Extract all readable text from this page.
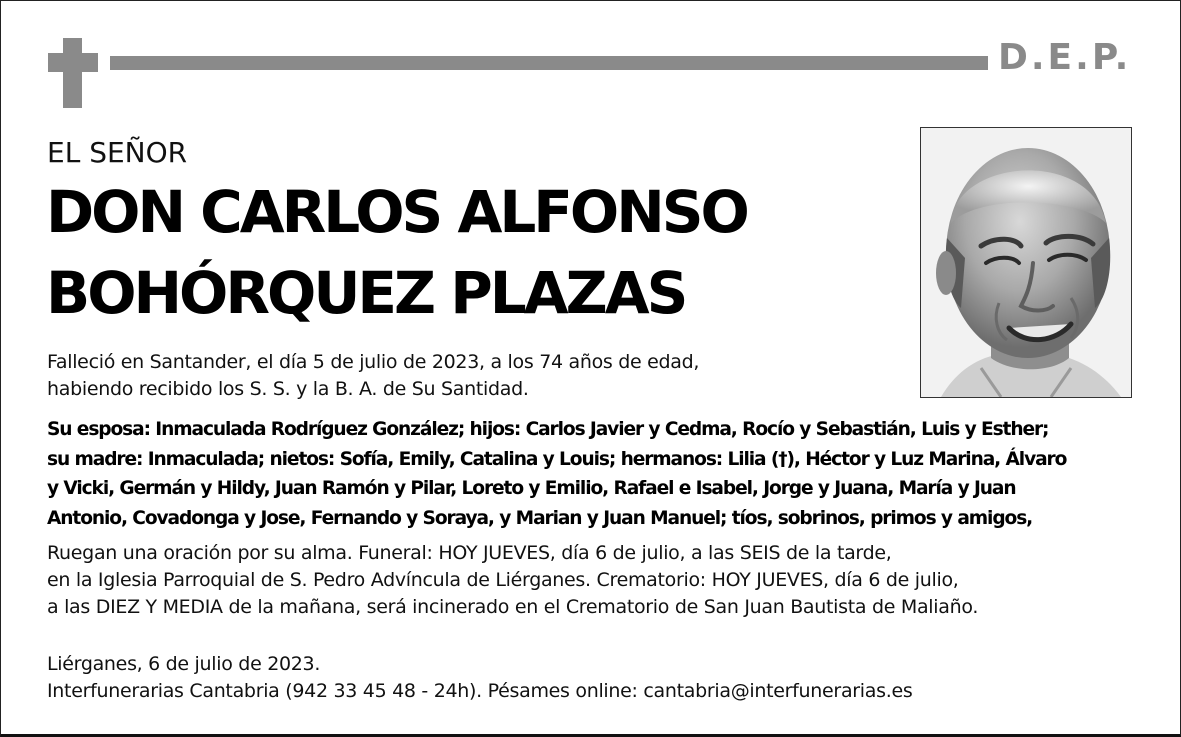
D.E.P.
EL SEÑOR
DON CARLOS ALFONSO
BOHÓRQUEZ PLAZAS
Falleció en Santander, el día 5 de julio de 2023, a los 74 años de edad,
habiendo recibido los S. S. y la B. A. de Su Santidad.
Su esposa: Inmaculada Rodríguez González; hijos: Carlos Javier y Cedma, Rocío y Sebastián, Luis y Esther;
su madre: Inmaculada; nietos: Sofía, Emily, Catalina y Louis; hermanos: Lilia (†), Héctor y Luz Marina, Álvaro
y Vicki, Germán y Hildy, Juan Ramón y Pilar, Loreto y Emilio, Rafael e Isabel, Jorge y Juana, María y Juan
Antonio, Covadonga y Jose, Fernando y Soraya, y Marian y Juan Manuel; tíos, sobrinos, primos y amigos,
Ruegan una oración por su alma. Funeral: HOY JUEVES, día 6 de julio, a las SEIS de la tarde,
en la Iglesia Parroquial de S. Pedro Advíncula de Liérganes. Crematorio: HOY JUEVES, día 6 de julio,
a las DIEZ Y MEDIA de la mañana, será incinerado en el Crematorio de San Juan Bautista de Maliaño.
Liérganes, 6 de julio de 2023.
Interfunerarias Cantabria (942 33 45 48 - 24h). Pésames online: cantabria@interfunerarias.es
